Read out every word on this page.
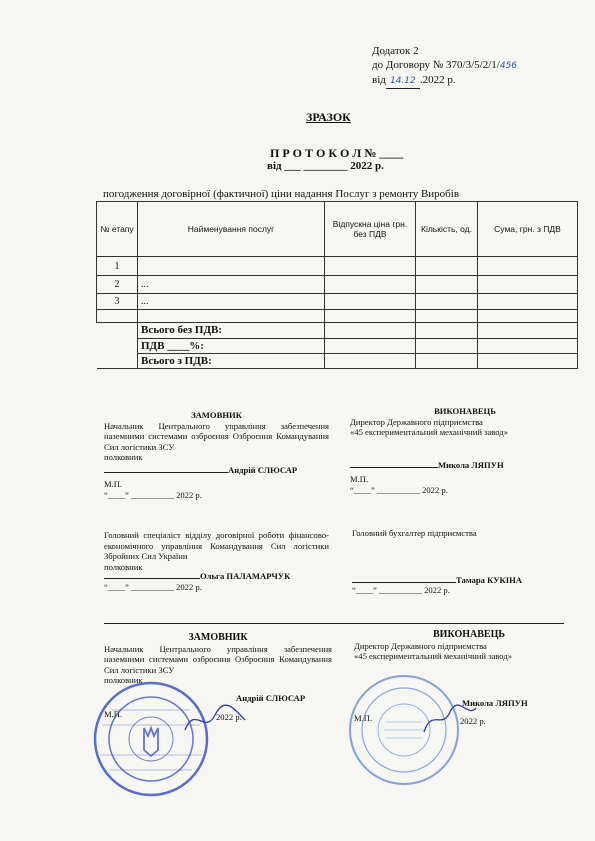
Додаток 2
до Договору № 370/3/5/2/1/456
від 14.12 .2022 р.
ЗРАЗОК
П Р О Т О К О Л № ____
від ___ ________ 2022 р.
погодження договірної (фактичної) ціни надання Послуг з ремонту Виробів
№ етапу	Найменування послуг	Відпускна ціна грн. без ПДВ	Кількість, од.	Сума, грн. з ПДВ
1				
2	...			
3	...			

	Всього без ПДВ:			
	ПДВ ____%:			
	Всього з ПДВ:			
ЗАМОВНИК
Начальник Центрального управління забезпечення наземними системами озброєння Озброєння Командування Сил логістики ЗСУ
полковник
Андрій СЛЮСАР
М.П.
“____” __________ 2022 р.
ВИКОНАВЕЦЬ
Директор Державного підприємства
«45 експериментальний механічний завод»
Микола ЛЯПУН
М.П.
“____” __________ 2022 р.
Головний спеціаліст відділу договірної роботи фінансово-економічного управління Командування Сил логістики Збройних Сил України
полковник
Ольга ПАЛАМАРЧУК
“____” __________ 2022 р.
Головний бухгалтер підприємства
Тамара КУКІНА
“____” __________ 2022 р.
ЗАМОВНИК
Начальник Центрального управління забезпечення наземними системами озброєння Озброєння Командування Сил логістики ЗСУ
полковник
Андрій СЛЮСАР
М.П.	2022 р.
ВИКОНАВЕЦЬ
Директор Державного підприємства
«45 експериментальний механічний завод»
Микола ЛЯПУН
М.П.	2022 р.
